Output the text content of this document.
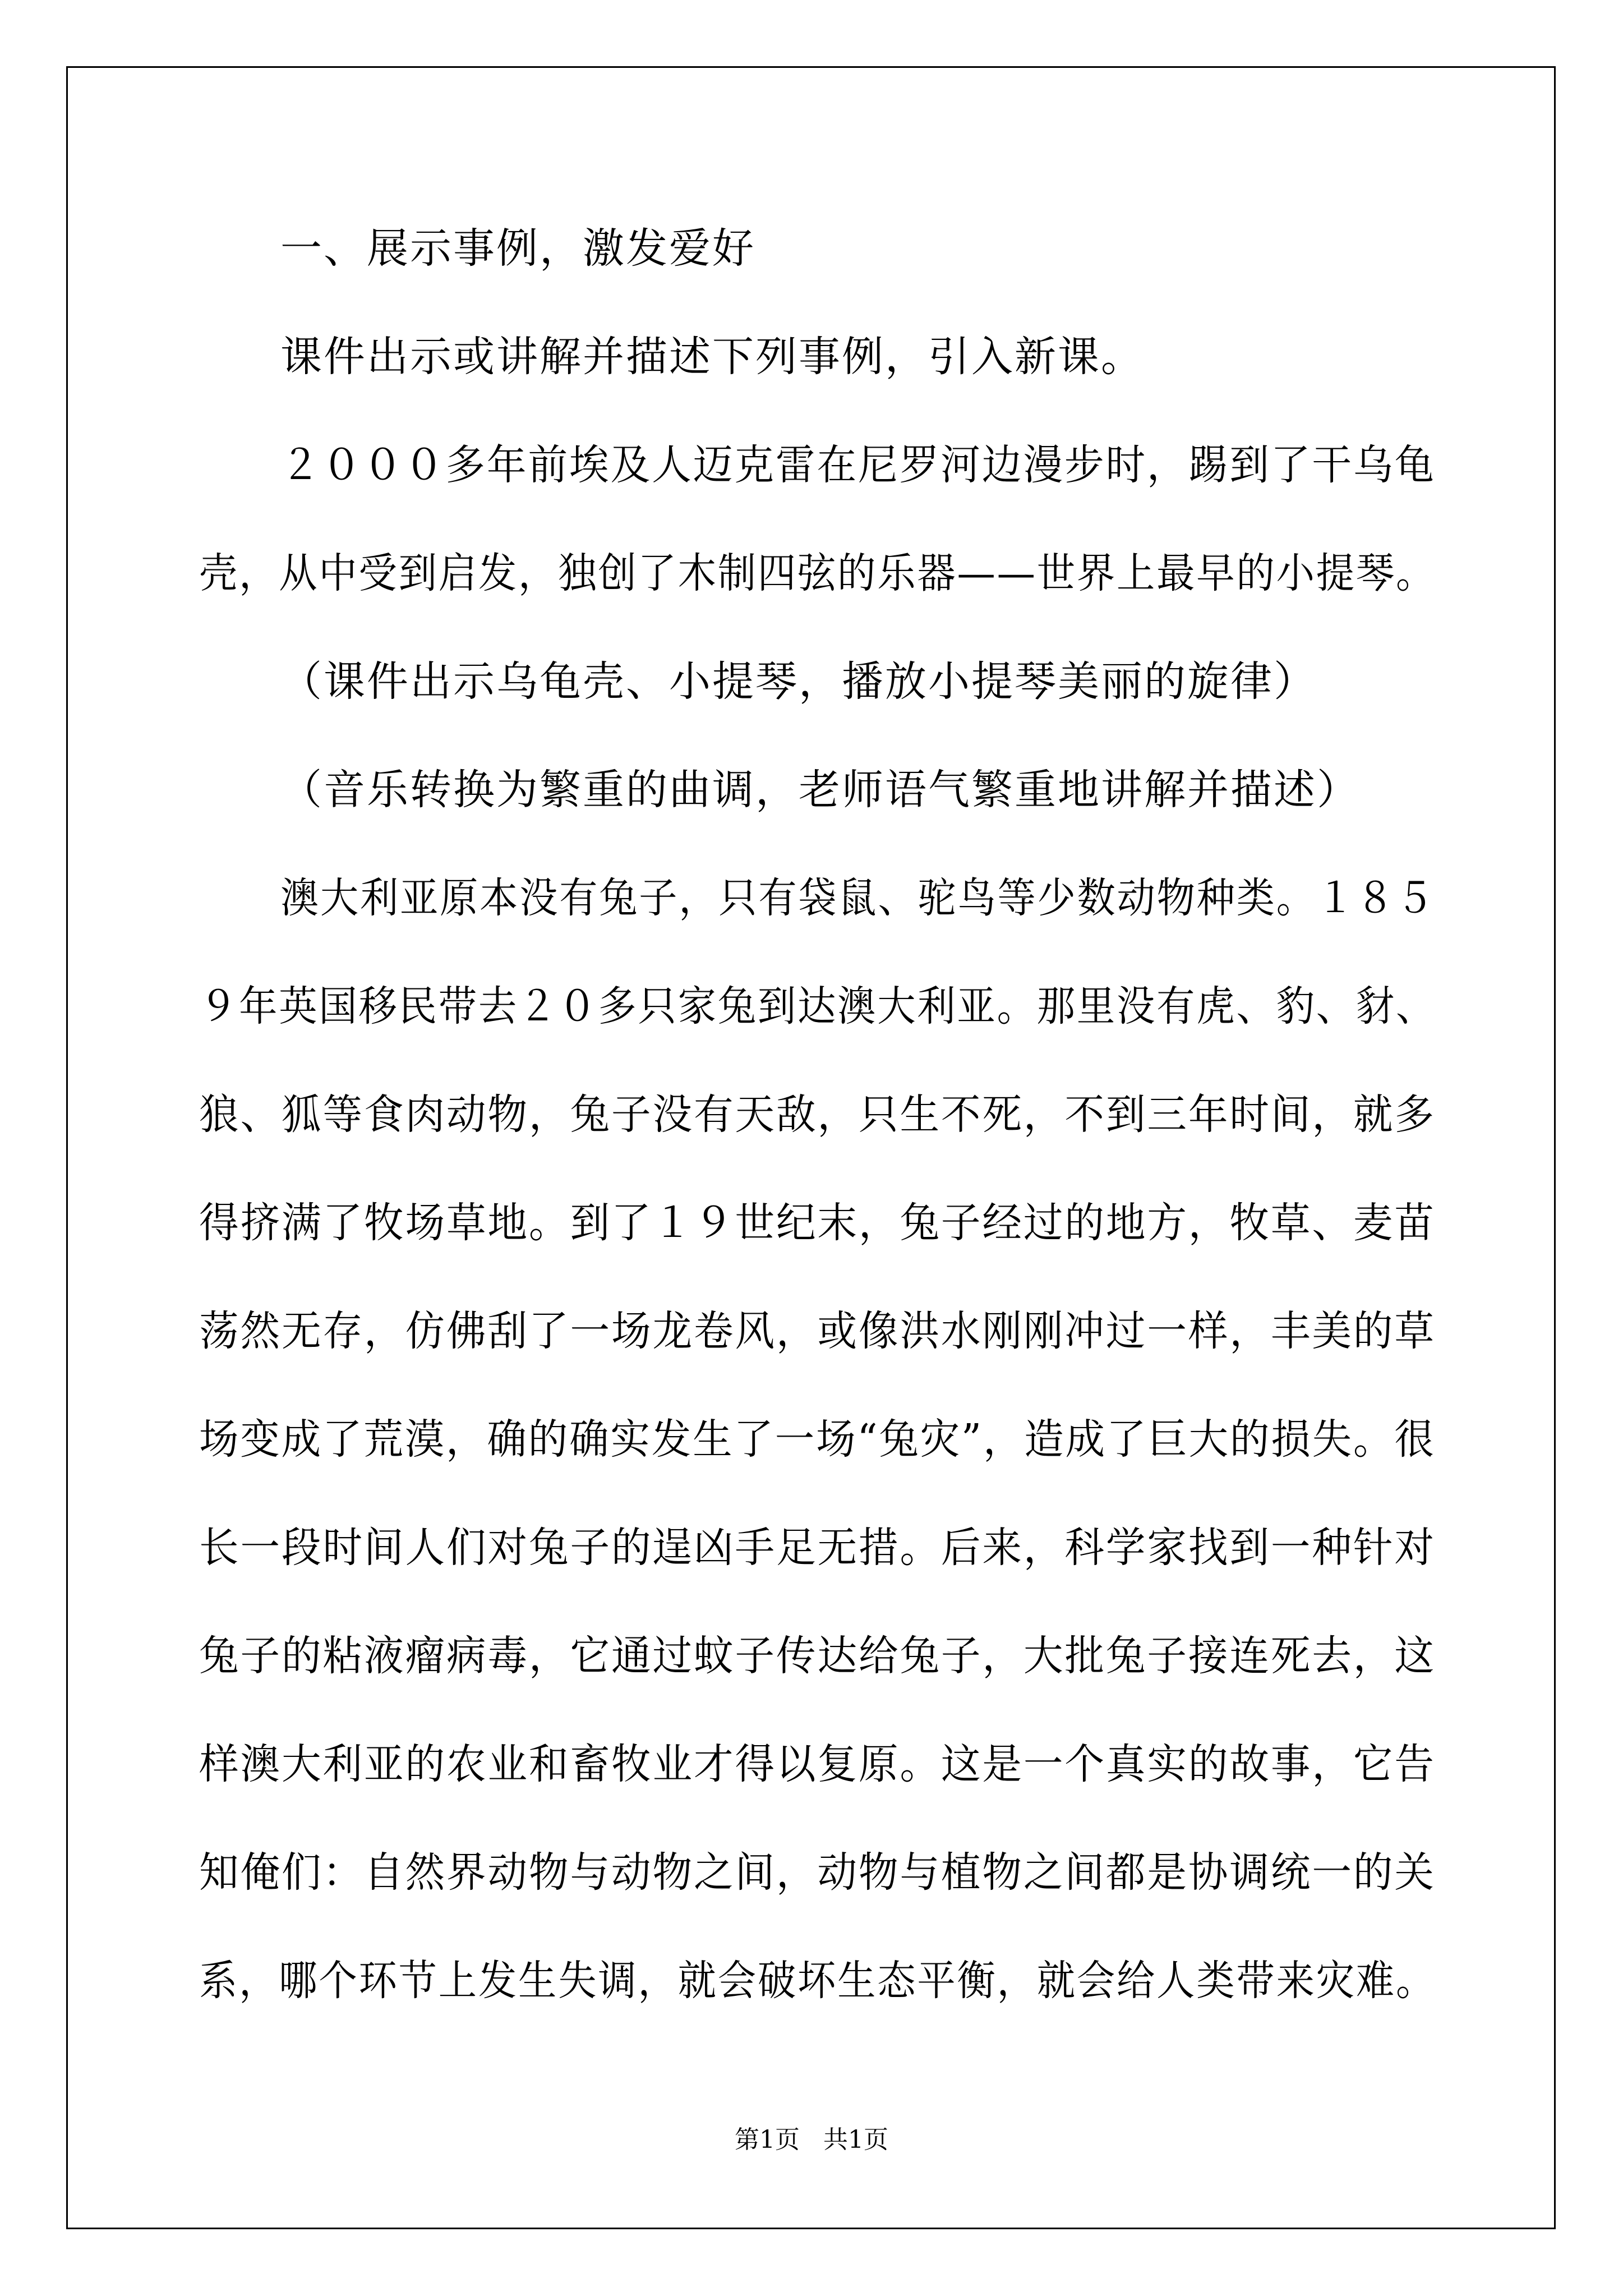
一、展示事例，激发爱好
课件出示或讲解并描述下列事例，引入新课。
２０００多年前埃及人迈克雷在尼罗河边漫步时，踢到了干乌龟
壳，从中受到启发，独创了木制四弦的乐器——世界上最早的小提琴。
（课件出示乌龟壳、小提琴，播放小提琴美丽的旋律）
（音乐转换为繁重的曲调，老师语气繁重地讲解并描述）
澳大利亚原本没有兔子，只有袋鼠、驼鸟等少数动物种类。１８５
９年英国移民带去２０多只家兔到达澳大利亚。那里没有虎、豹、豺、
狼、狐等食肉动物，兔子没有天敌，只生不死，不到三年时间，就多
得挤满了牧场草地。到了１９世纪末，兔子经过的地方，牧草、麦苗
荡然无存，仿佛刮了一场龙卷风，或像洪水刚刚冲过一样，丰美的草
场变成了荒漠，确的确实发生了一场“兔灾”，造成了巨大的损失。很
长一段时间人们对兔子的逞凶手足无措。后来，科学家找到一种针对
兔子的粘液瘤病毒，它通过蚊子传达给兔子，大批兔子接连死去，这
样澳大利亚的农业和畜牧业才得以复原。这是一个真实的故事，它告
知俺们：自然界动物与动物之间，动物与植物之间都是协调统一的关
系，哪个环节上发生失调，就会破坏生态平衡，就会给人类带来灾难。
第1页   共1页
